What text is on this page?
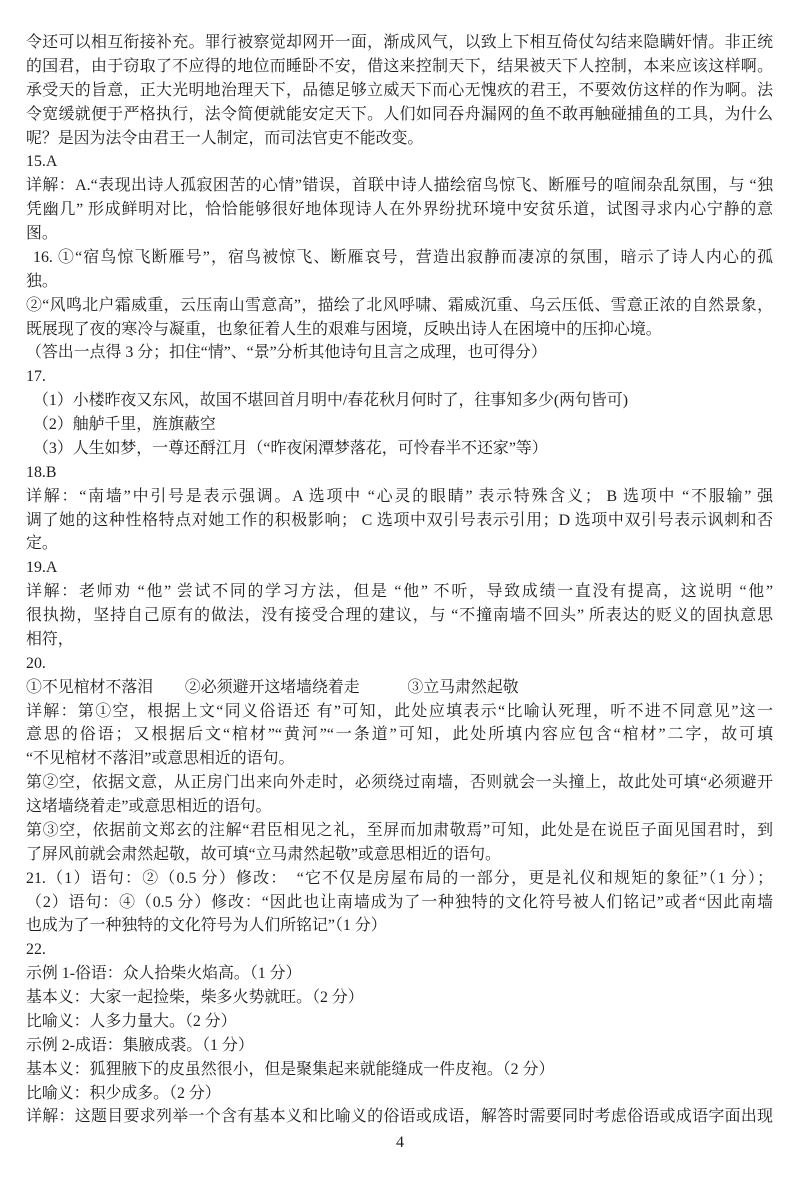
令还可以相互衔接补充。罪行被察觉却网开一面，渐成风气，以致上下相互倚仗勾结来隐瞒奸情。非正统
的国君，由于窃取了不应得的地位而睡卧不安，借这来控制天下，结果被天下人控制，本来应该这样啊。
承受天的旨意，正大光明地治理天下，品德足够立威天下而心无愧疚的君王，不要效仿这样的作为啊。法
令宽缓就便于严格执行，法令简便就能安定天下。人们如同吞舟漏网的鱼不敢再触碰捕鱼的工具，为什么
呢？是因为法令由君王一人制定，而司法官吏不能改变。
15.A
详解：A.“表现出诗人孤寂困苦的心情”错误，首联中诗人描绘宿鸟惊飞、断雁号的喧闹杂乱氛围，与 “独
凭幽几” 形成鲜明对比，恰恰能够很好地体现诗人在外界纷扰环境中安贫乐道，试图寻求内心宁静的意
图。
16. ①“宿鸟惊飞断雁号”，宿鸟被惊飞、断雁哀号，营造出寂静而凄凉的氛围，暗示了诗人内心的孤
独。
②“风鸣北户霜威重，云压南山雪意高”，描绘了北风呼啸、霜威沉重、乌云压低、雪意正浓的自然景象，
既展现了夜的寒冷与凝重，也象征着人生的艰难与困境，反映出诗人在困境中的压抑心境。
（答出一点得 3 分；扣住“情”、“景”分析其他诗句且言之成理，也可得分）
17.
（1）小楼昨夜又东风，故国不堪回首月明中/春花秋月何时了，往事知多少(两句皆可)
（2）舳舻千里，旌旗蔽空
（3）人生如梦，一尊还酹江月（“昨夜闲潭梦落花，可怜春半不还家”等）
18.B
详解：“南墙”中引号是表示强调。A 选项中 “心灵的眼睛” 表示特殊含义； B 选项中 “不服输” 强
调了她的这种性格特点对她工作的积极影响； C 选项中双引号表示引用；D 选项中双引号表示讽刺和否
定。
19.A
详解：老师劝 “他” 尝试不同的学习方法，但是 “他” 不听，导致成绩一直没有提高，这说明 “他”
很执拗，坚持自己原有的做法，没有接受合理的建议，与 “不撞南墙不回头” 所表达的贬义的固执意思
相符，
20.
①不见棺材不落泪　　②必须避开这堵墙绕着走　　　③立马肃然起敬
详解：第①空，根据上文“同义俗语还 有”可知，此处应填表示“比喻认死理，听不进不同意见”这一
意思的俗语；又根据后文“棺材”“黄河”“一条道”可知，此处所填内容应包含“棺材”二字，故可填
“不见棺材不落泪”或意思相近的语句。
第②空，依据文意，从正房门出来向外走时，必须绕过南墙，否则就会一头撞上，故此处可填“必须避开
这堵墙绕着走”或意思相近的语句。
第③空，依据前文郑玄的注解“君臣相见之礼，至屏而加肃敬焉”可知，此处是在说臣子面见国君时，到
了屏风前就会肃然起敬，故可填“立马肃然起敬”或意思相近的语句。
21.（1）语句：②（0.5 分）修改：　“它不仅是房屋布局的一部分，更是礼仪和规矩的象征”（1 分）；
（2）语句：④（0.5 分）修改：“因此也让南墙成为了一种独特的文化符号被人们铭记”或者“因此南墙
也成为了一种独特的文化符号为人们所铭记”（1 分）
22.
示例 1-俗语：众人拾柴火焰高。（1 分）
基本义：大家一起捡柴，柴多火势就旺。（2 分）
比喻义：人多力量大。（2 分）
示例 2-成语：集腋成裘。（1 分）
基本义：狐狸腋下的皮虽然很小，但是聚集起来就能缝成一件皮袍。（2 分）
比喻义：积少成多。（2 分）
详解：这题目要求列举一个含有基本义和比喻义的俗语或成语，解答时需要同时考虑俗语或成语字面出现
4
